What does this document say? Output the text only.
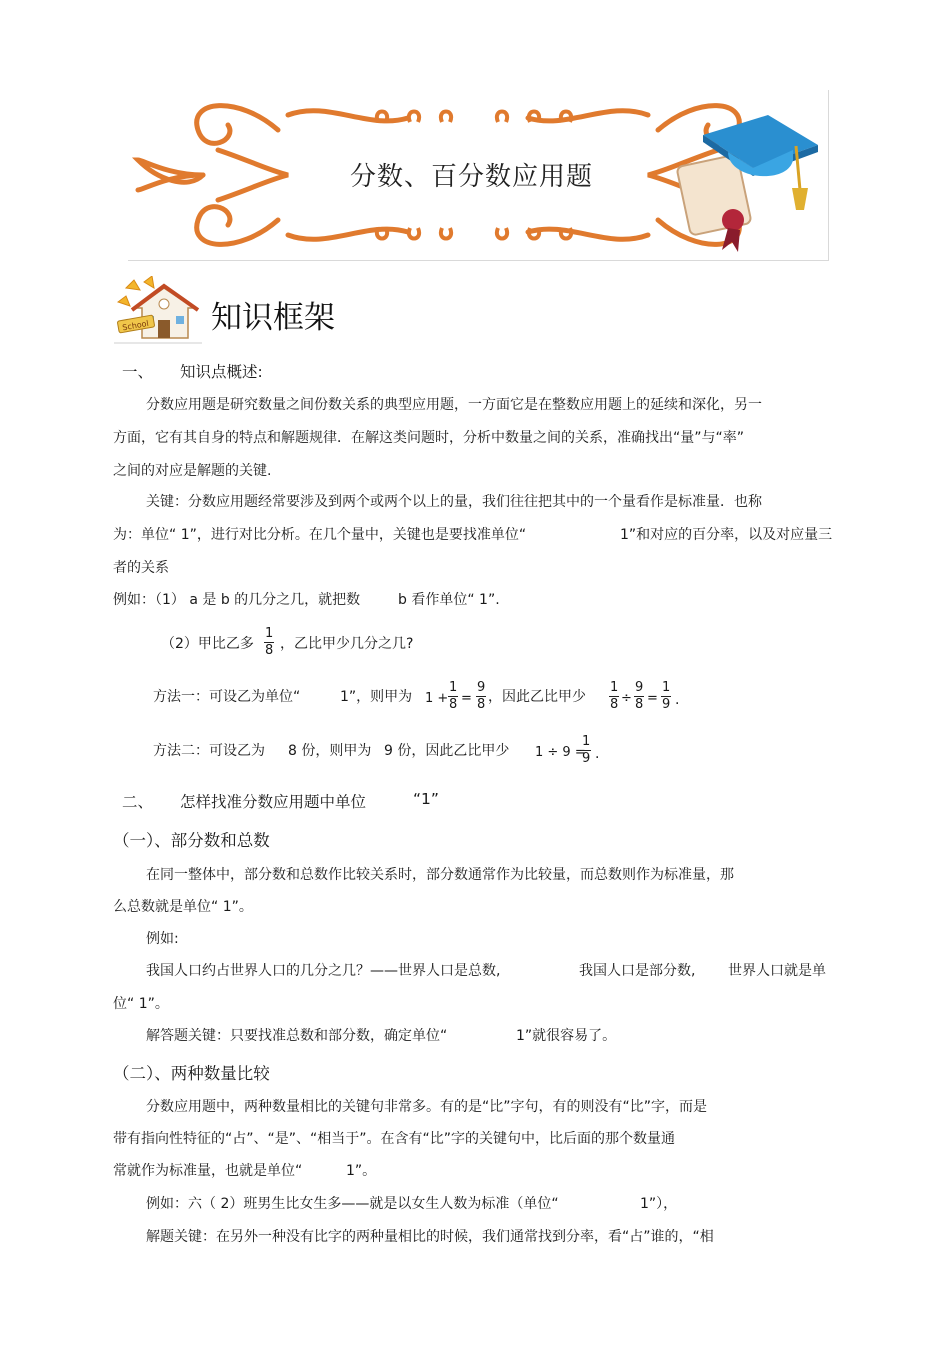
分数、百分数应用题
School 知识框架
一、 知识点概述:
分数应用题是研究数量之间份数关系的典型应用题，一方面它是在整数应用题上的延续和深化，另一
方面，它有其自身的特点和解题规律．在解这类问题时，分析中数量之间的关系，准确找出“量”与“率”
之间的对应是解题的关键.
关键：分数应用题经常要涉及到两个或两个以上的量，我们往往把其中的一个量看作是标准量．也称
为：单位“ 1”，进行对比分析。在几个量中，关键也是要找准单位“	1”和对应的百分率，以及对应量三
者的关系
例如：（1） a 是 b 的几分之几，就把数	b 看作单位“ 1”.
（2）甲比乙多 $\frac{1}{8}$ ，乙比甲少几分之几?
方法一：可设乙为单位“	1”，则甲为 $1 + \frac{1}{8} = \frac{9}{8}$ ，因此乙比甲少 $\frac{1}{8} \div \frac{9}{8} = \frac{1}{9}$ .
方法二：可设乙为 8 份，则甲为 9 份，因此乙比甲少 1 ÷ 9 =
$\frac{1}{9}$ .
二、 怎样找准分数应用题中单位	“1”
（一）、部分数和总数
在同一整体中，部分数和总数作比较关系时，部分数通常作为比较量，而总数则作为标准量，那
么总数就是单位“ 1”。
例如:
我国人口约占世界人口的几分之几？——世界人口是总数,	我国人口是部分数, 世界人口就是单
位“ 1”。
解答题关键：只要找准总数和部分数，确定单位“	1”就很容易了。
（二）、两种数量比较
分数应用题中，两种数量相比的关键句非常多。有的是“比”字句，有的则没有“比”字，而是
带有指向性特征的“占”、“是”、“相当于”。在含有“比”字的关键句中，比后面的那个数量通
常就作为标准量，也就是单位“	1”。
例如：六（ 2）班男生比女生多——就是以女生人数为标准（单位“	1”），
解题关键：在另外一种没有比字的两种量相比的时候，我们通常找到分率，看“占”谁的，“相
